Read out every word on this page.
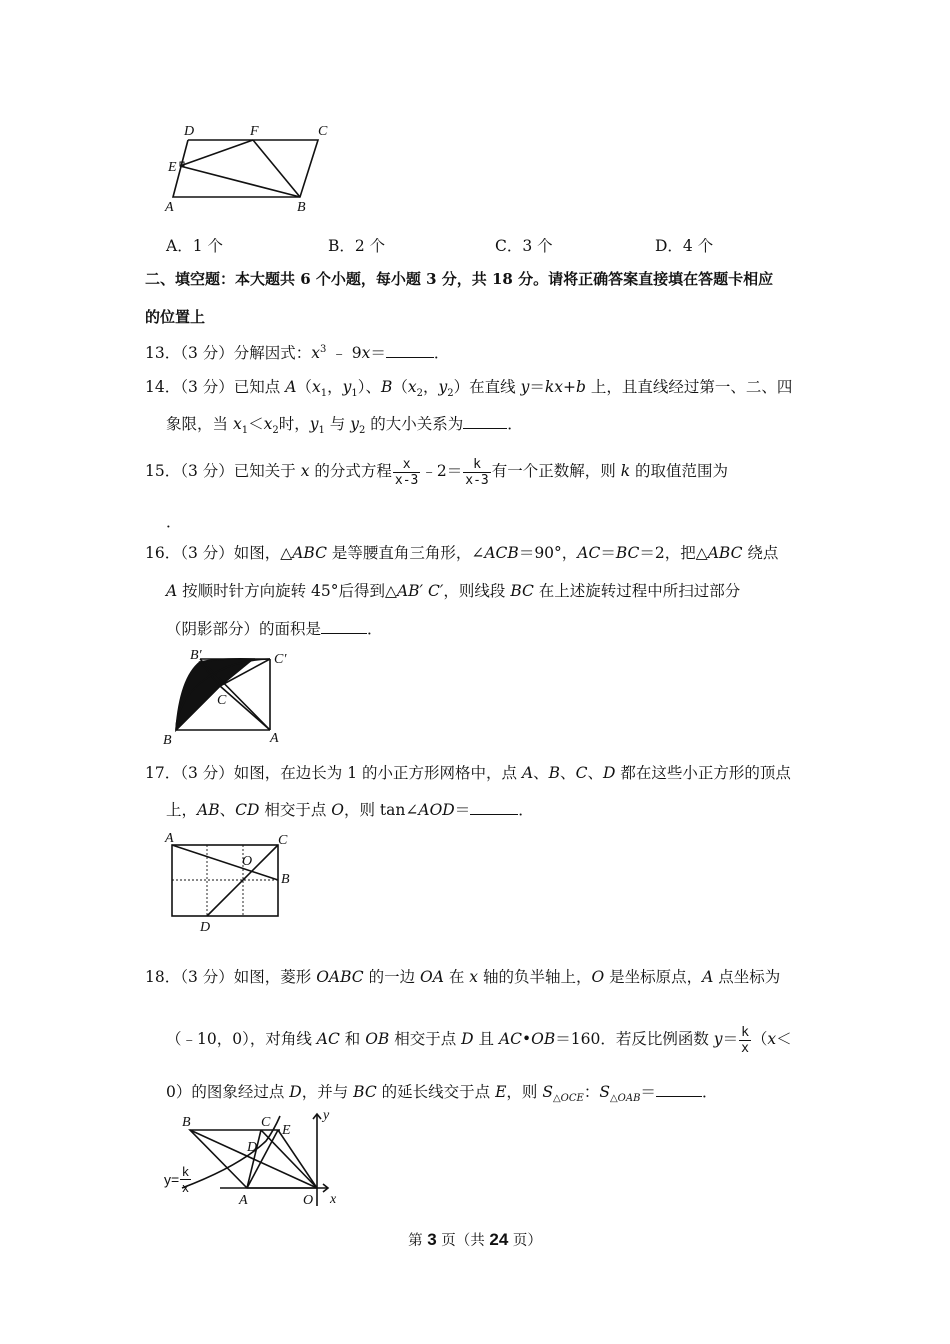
D	F	C
E
A	B
A．1 个	B．2 个	C．3 个	D．4 个
二、填空题：本大题共 6 个小题，每小题 3 分，共 18 分。请将正确答案直接填在答题卡相应
的位置上
13．（3 分）分解因式：$x^3$ ﹣ 9x＝	．
14．（3 分）已知点 $A(x_1$，$y_1$）、$B(x_2$，$y_2$）在直线 y＝kx+b 上，且直线经过第一、二、四
象限，当 $x_1<x_2$时，$y_1$ 与 $y_2$ 的大小关系为	．
15．（3 分）已知关于 x 的分式方程 $\frac{x}{x-3}$ ﹣2＝ $\frac{k}{x-3}$ 有一个正数解，则 k 的取值范围为
．
16．（3 分）如图，△ABC 是等腰直角三角形，∠ACB＝90°，AC＝BC＝2，把△ABC 绕点
A 按顺时针方向旋转 45°后得到△AB′ C′，则线段 BC 在上述旋转过程中所扫过部分
（阴影部分）的面积是	．
B′	C′
C
B	A
17．（3 分）如图，在边长为 1 的小正方形网格中，点 A、B、C、D 都在这些小正方形的顶点
上，AB、CD 相交于点 O，则 tan∠AOD＝	．
A	C
O
B
D
18．（3 分）如图，菱形 OABC 的一边 OA 在 x 轴的负半轴上，O 是坐标原点，A 点坐标为
（﹣10，0），对角线 AC 和 OB 相交于点 D 且 AC•OB＝160．若反比例函数 $y= \frac{k}{x} (x<$
0）的图象经过点 D，并与 BC 的延长线交于点 E，则 $S_{\triangle OCE}$：$S_{\triangle OAB}=$	．
B	C
E
y
D
A	O x
$y= \frac{k}{x}$
第 3 页（共 24 页）
